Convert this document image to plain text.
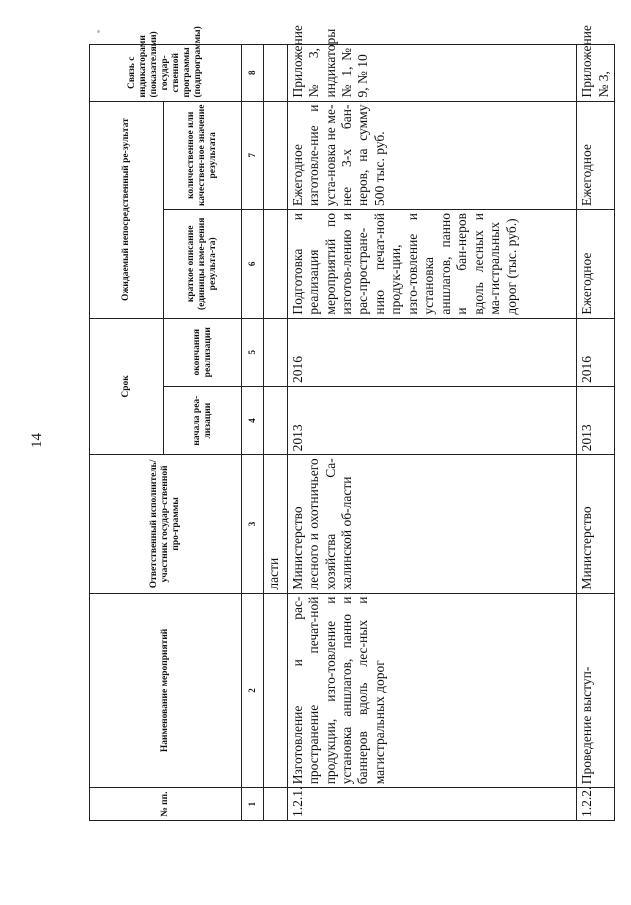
14
№ пп.	Наименование мероприятий	Ответственный исполнитель/ участник государ-ственной про-граммы	Срок		Ожидаемый непосредственный ре-зультат		Связь с индикаторами (показателями) государ-ственной программы (подпрограммы)
			начала реа-лизации	окончания реализации	краткое описание (единицы изме-рения результа-та)	количественное или качествен-ное значение результата	
1	2	3	4	5	6	7	8
		ласти					
1.2.1.	Изготовление и рас-пространение печат-ной продукции, изго-товление и установка аншлагов, панно и баннеров вдоль лес-ных и магистральных дорог	Министерство лесного и охотничьего хозяйства Са-халинской об-ласти	2013	2016	Подготовка и реализация мероприятий по изготов-лению и рас-простране-нию печат-ной продук-ции, изго-товление и установка аншлагов, панно и бан-неров вдоль лесных и ма-гистральных дорог (тыс. руб.)	Ежегодное изготовле-ние и уста-новка не ме-нее 3-х бан-неров, на сумму 500 тыс. руб.	Приложение № 3, индикаторы № 1, № 9, № 10
1.2.2.	Проведение выступ-	Министерство	2013	2016	Ежегодное	Ежегодное	Приложение № 3,
